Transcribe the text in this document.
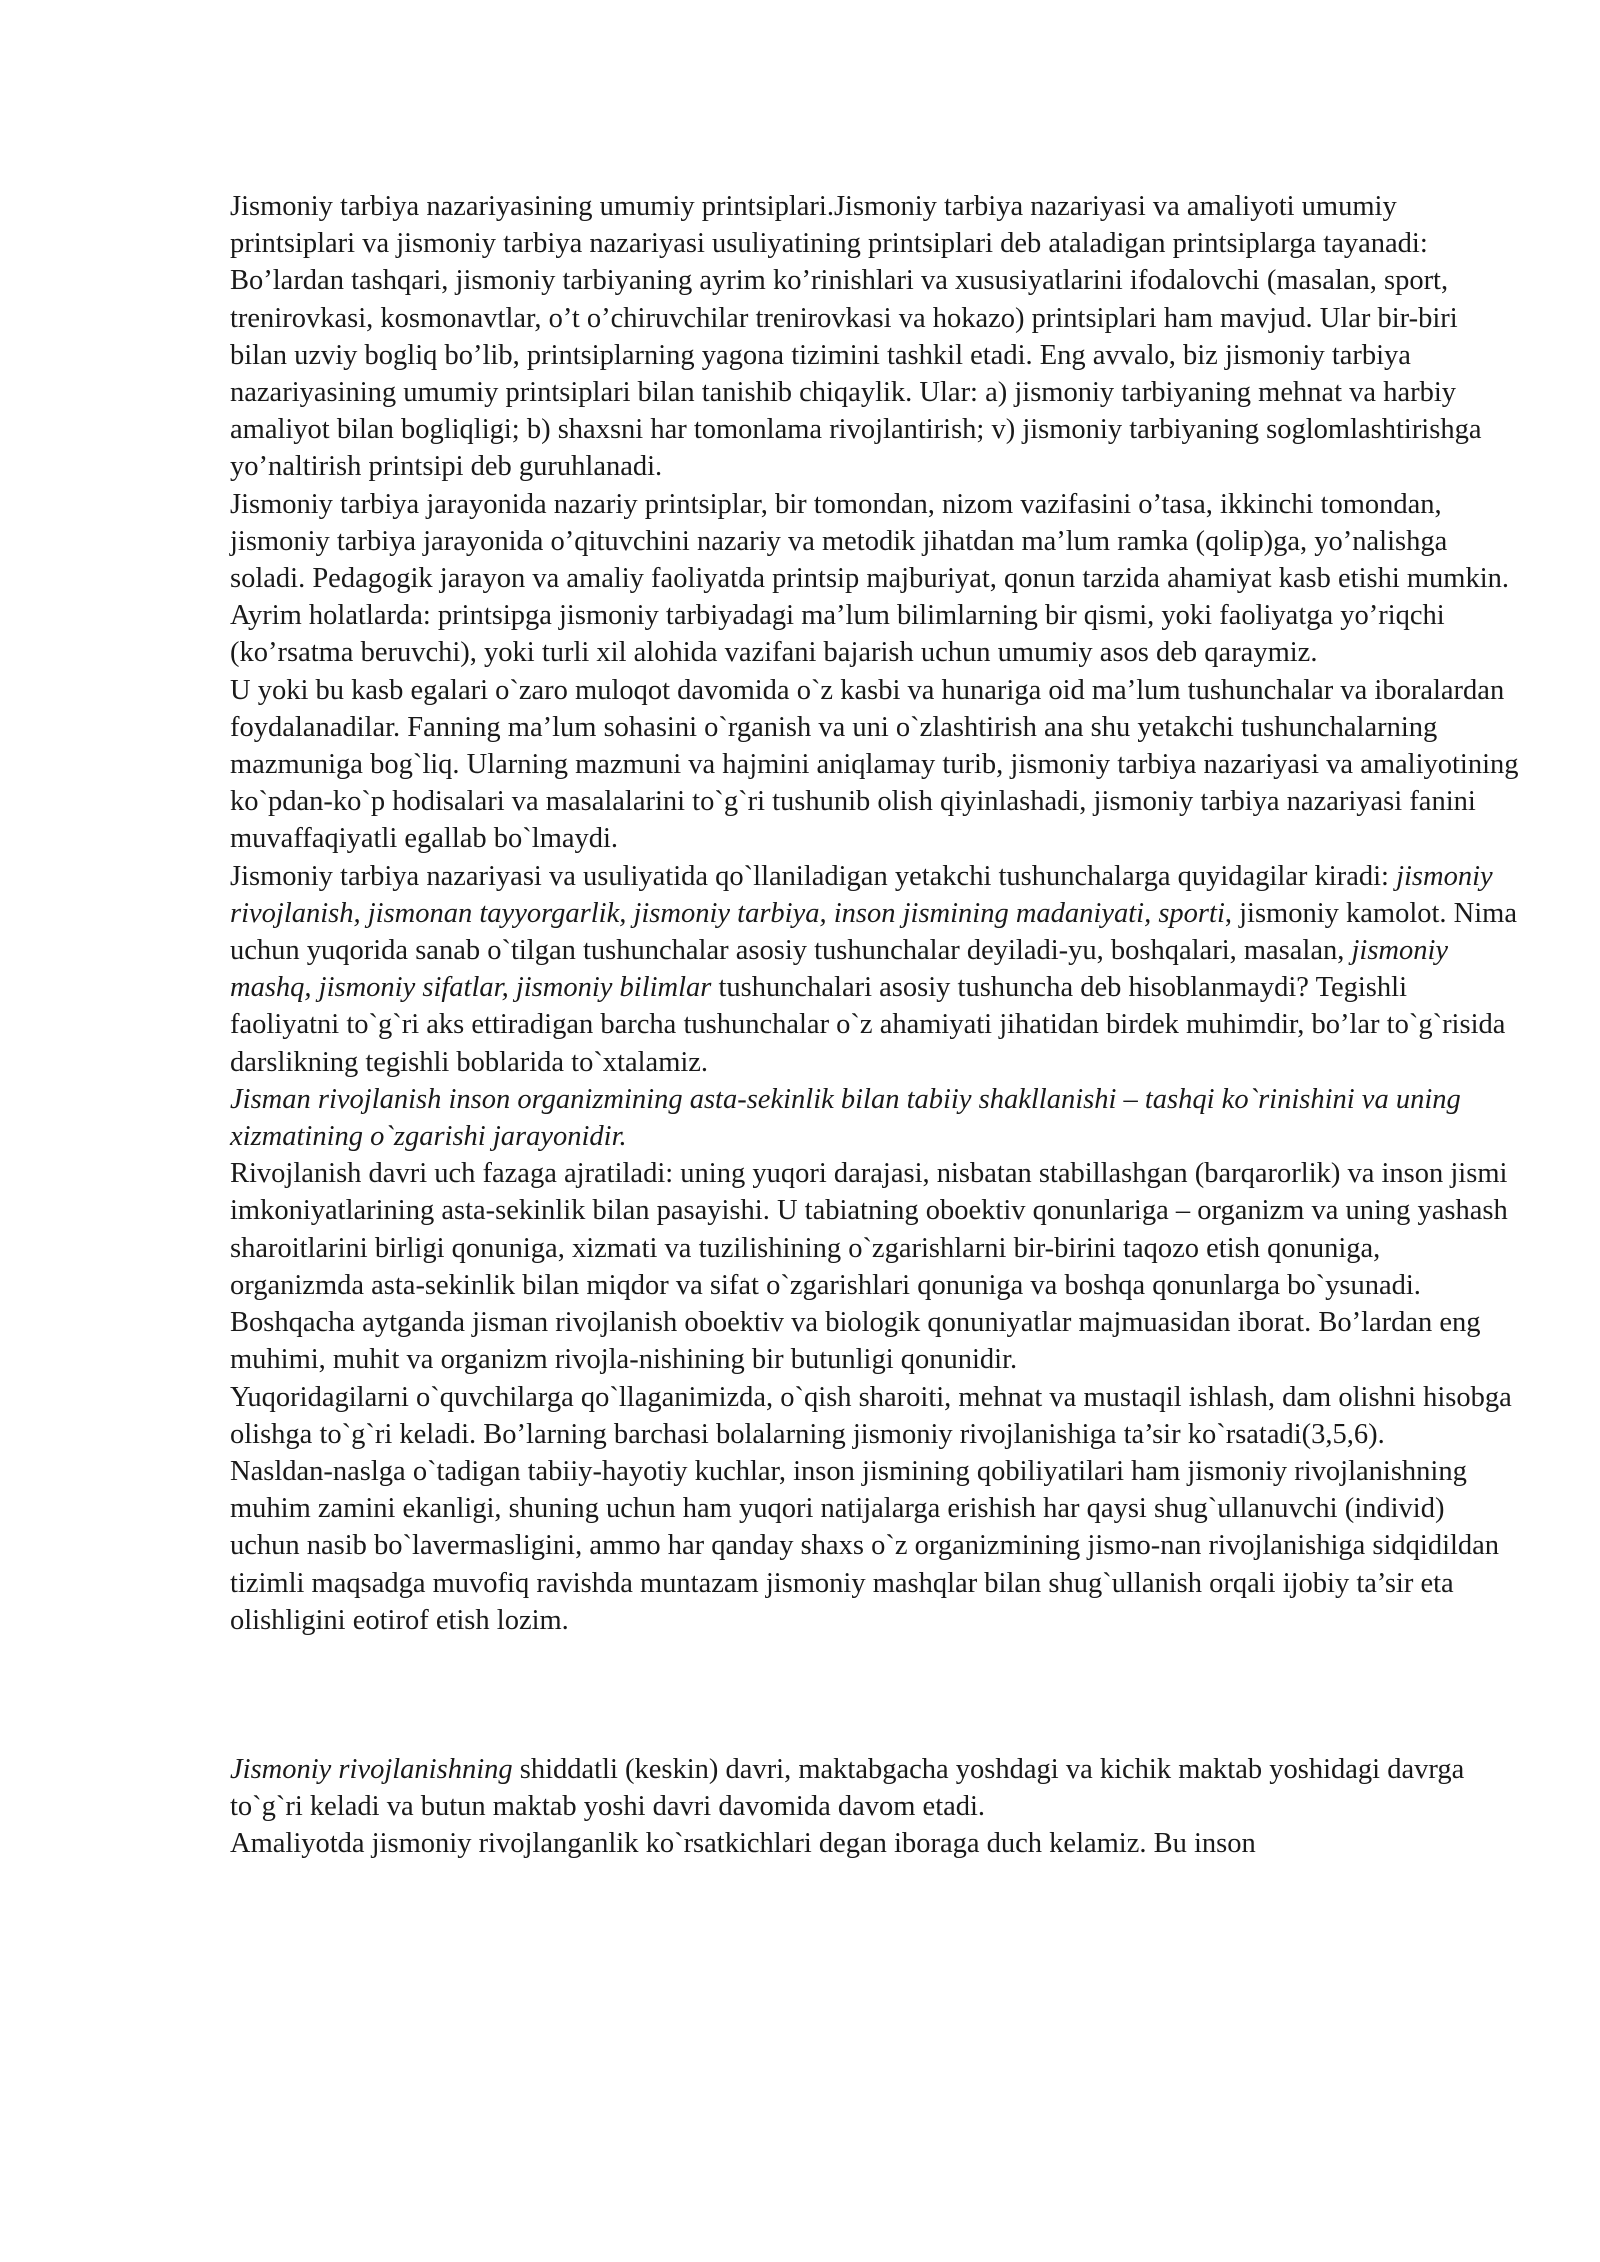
Jismoniy tarbiya nazariyasining umumiy printsiplari.Jismoniy tarbiya nazariyasi va amaliyoti umumiy printsiplari va jismoniy tarbiya nazariyasi usuliyatining printsiplari deb ataladigan printsiplarga tayanadi: Bo’lardan tashqari, jismoniy tarbiyaning ayrim ko’rinishlari va xususiyatlarini ifodalovchi (masalan, sport, trenirovkasi, kosmonavtlar, o’t o’chiruvchilar trenirovkasi va hokazo) printsiplari ham mavjud. Ular bir-biri bilan uzviy bogliq bo’lib, printsiplarning yagona tizimini tashkil etadi. Eng avvalo, biz jismoniy tarbiya nazariyasining umumiy printsiplari bilan tanishib chiqaylik. Ular: a) jismoniy tarbiyaning mehnat va harbiy amaliyot bilan bogliqligi; b) shaxsni har tomonlama rivojlantirish; v) jismoniy tarbiyaning soglomlashtirishga yo’naltirish printsipi deb guruhlanadi.

Jismoniy tarbiya jarayonida nazariy printsiplar, bir tomondan, nizom vazifasini o’tasa, ikkinchi tomondan, jismoniy tarbiya jarayonida o’qituvchini nazariy va metodik jihatdan ma’lum ramka (qolip)ga, yo’nalishga soladi. Pedagogik jarayon va amaliy faoliyatda printsip majburiyat, qonun tarzida ahamiyat kasb etishi mumkin.

Ayrim holatlarda: printsipga jismoniy tarbiyadagi ma’lum bilimlarning bir qismi, yoki faoliyatga yo’riqchi (ko’rsatma beruvchi), yoki turli xil alohida vazifani bajarish uchun umumiy asos deb qaraymiz.

U yoki bu kasb egalari o`zaro muloqot davomida o`z kasbi va hunariga oid ma’lum tushunchalar va iboralardan foydalanadilar. Fanning ma’lum sohasini o`rganish va uni o`zlashtirish ana shu yetakchi tushunchalarning mazmuniga bog`liq. Ularning mazmuni va hajmini aniqlamay turib, jismoniy tarbiya nazariyasi va amaliyotining ko`pdan-ko`p hodisalari va masalalarini to`g`ri tushunib olish qiyinlashadi, jismoniy tarbiya nazariyasi fanini muvaffaqiyatli egallab bo`lmaydi.

Jismoniy tarbiya nazariyasi va usuliyatida qo`llaniladigan yetakchi tushunchalarga quyidagilar kiradi: jismoniy rivojlanish, jismonan tayyorgarlik, jismoniy tarbiya, inson jismining madaniyati, sporti, jismoniy kamolot. Nima uchun yuqorida sanab o`tilgan tushunchalar asosiy tushunchalar deyiladi-yu, boshqalari, masalan, jismoniy mashq, jismoniy sifatlar, jismoniy bilimlar tushunchalari asosiy tushuncha deb hisoblanmaydi? Tegishli faoliyatni to`g`ri aks ettiradigan barcha tushunchalar o`z ahamiyati jihatidan birdek muhimdir, bo’lar to`g`risida darslikning tegishli boblarida to`xtalamiz.

Jisman rivojlanish inson organizmining asta-sekinlik bilan tabiiy shakllanishi – tashqi ko`rinishini va uning xizmatining o`zgarishi jarayonidir.

Rivojlanish davri uch fazaga ajratiladi: uning yuqori darajasi, nisbatan stabillashgan (barqarorlik) va inson jismi imkoniyatlarining asta-sekinlik bilan pasayishi. U tabiatning oboektiv qonunlariga – organizm va uning yashash sharoitlarini birligi qonuniga, xizmati va tuzilishining o`zgarishlarni bir-birini taqozo etish qonuniga, organizmda asta-sekinlik bilan miqdor va sifat o`zgarishlari qonuniga va boshqa qonunlarga bo`ysunadi. Boshqacha aytganda jisman rivojlanish oboektiv va biologik qonuniyatlar majmuasidan iborat. Bo’lardan eng muhimi, muhit va organizm rivojla-nishining bir butunligi qonunidir.

Yuqoridagilarni o`quvchilarga qo`llaganimizda, o`qish sharoiti, mehnat va mustaqil ishlash, dam olishni hisobga olishga to`g`ri keladi. Bo’larning barchasi bolalarning jismoniy rivojlanishiga ta’sir ko`rsatadi(3,5,6).

Nasldan-naslga o`tadigan tabiiy-hayotiy kuchlar, inson jismining qobiliyatilari ham jismoniy rivojlanishning muhim zamini ekanligi, shuning uchun ham yuqori natijalarga erishish har qaysi shug`ullanuvchi (individ) uchun nasib bo`lavermasligini, ammo har qanday shaxs o`z organizmining jismo-nan rivojlanishiga sidqidildan tizimli maqsadga muvofiq ravishda muntazam jismoniy mashqlar bilan shug`ullanish orqali ijobiy ta’sir eta olishligini eotirof etish lozim.

Jismoniy rivojlanishning shiddatli (keskin) davri, maktabgacha yoshdagi va kichik maktab yoshidagi davrga to`g`ri keladi va butun maktab yoshi davri davomida davom etadi.

Amaliyotda jismoniy rivojlanganlik ko`rsatkichlari degan iboraga duch kelamiz. Bu inson
